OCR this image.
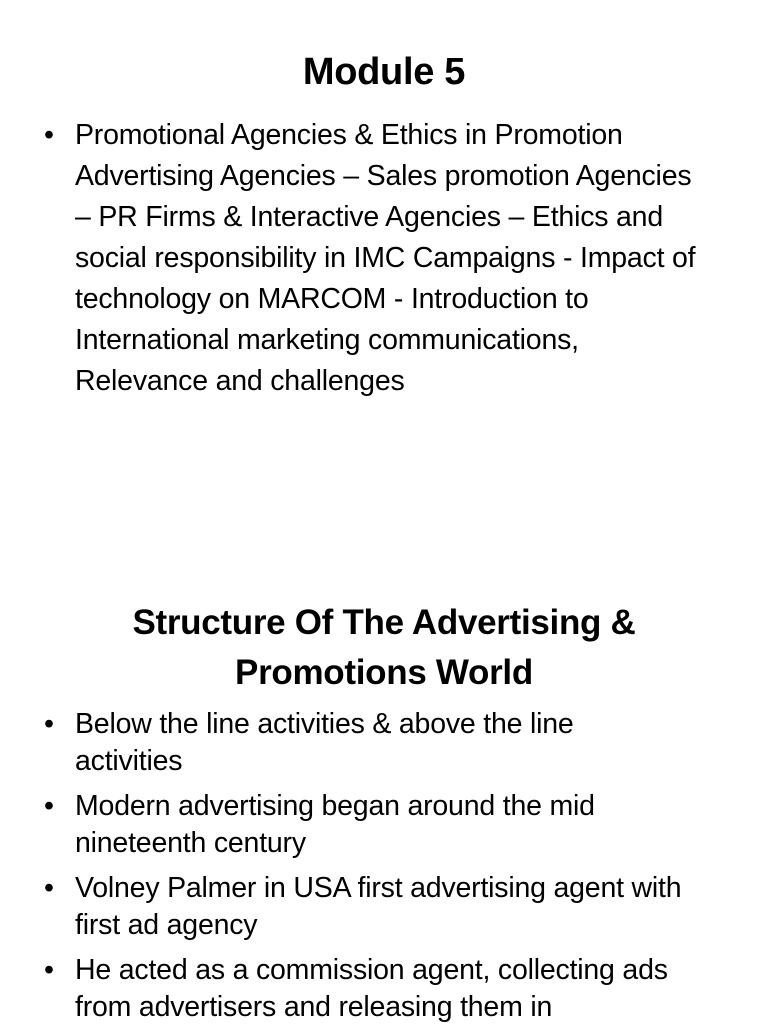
Module 5
• Promotional Agencies & Ethics in Promotion Advertising Agencies – Sales promotion Agencies – PR Firms & Interactive Agencies – Ethics and social responsibility in IMC Campaigns - Impact of technology on MARCOM - Introduction to International marketing communications, Relevance and challenges
Structure Of The Advertising & Promotions World
• Below the line activities & above the line activities
• Modern advertising began around the mid nineteenth century
• Volney Palmer in USA first advertising agent with first ad agency
• He acted as a commission agent, collecting ads from advertisers and releasing them in
